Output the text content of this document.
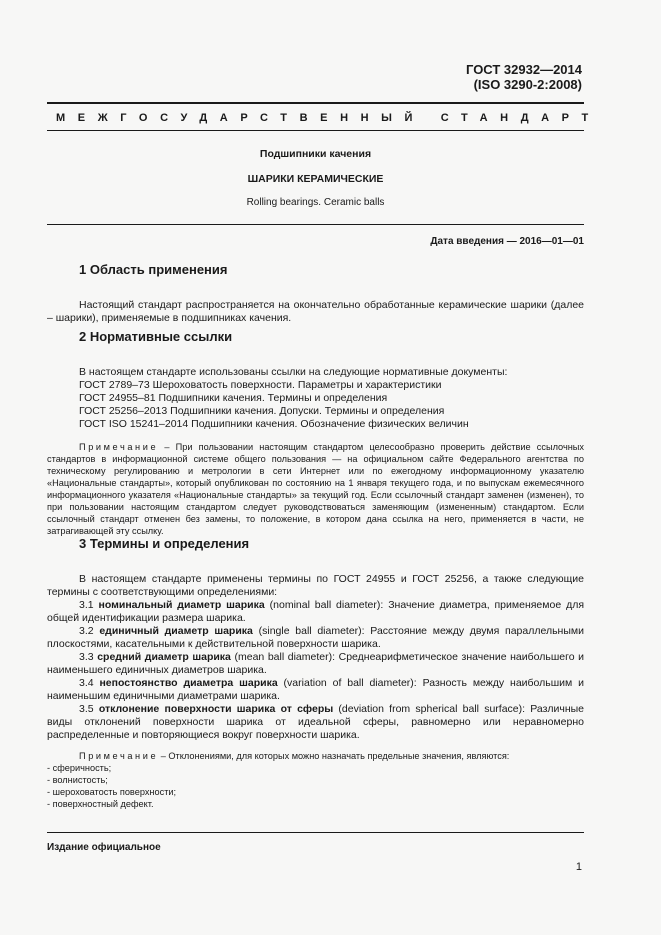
ГОСТ 32932—2014
(ISO 3290-2:2008)
МЕЖГОСУДАРСТВЕННЫЙ СТАНДАРТ
Подшипники качения
ШАРИКИ КЕРАМИЧЕСКИЕ
Rolling bearings. Ceramic balls
Дата введения — 2016—01—01
1 Область применения

Настоящий стандарт распространяется на окончательно обработанные керамические шарики (далее – шарики), применяемые в подшипниках качения.

2 Нормативные ссылки

В настоящем стандарте использованы ссылки на следующие нормативные документы:

ГОСТ 2789–73 Шероховатость поверхности. Параметры и характеристики

ГОСТ 24955–81 Подшипники качения. Термины и определения

ГОСТ 25256–2013 Подшипники качения. Допуски. Термины и определения

ГОСТ ISO 15241–2014 Подшипники качения. Обозначение физических величин

Примечание – При пользовании настоящим стандартом целесообразно проверить действие ссылочных стандартов в информационной системе общего пользования — на официальном сайте Федерального агентства по техническому регулированию и метрологии в сети Интернет или по ежегодному информационному указателю «Национальные стандарты», который опубликован по состоянию на 1 января текущего года, и по выпускам ежемесячного информационного указателя «Национальные стандарты» за текущий год. Если ссылочный стандарт заменен (изменен), то при пользовании настоящим стандартом следует руководствоваться заменяющим (измененным) стандартом. Если ссылочный стандарт отменен без замены, то положение, в котором дана ссылка на него, применяется в части, не затрагивающей эту ссылку.

3 Термины и определения

В настоящем стандарте применены термины по ГОСТ 24955 и ГОСТ 25256, а также следующие термины с соответствующими определениями:

3.1 номинальный диаметр шарика (nominal ball diameter): Значение диаметра, применяемое для общей идентификации размера шарика.

3.2 единичный диаметр шарика (single ball diameter): Расстояние между двумя параллельными плоскостями, касательными к действительной поверхности шарика.

3.3 средний диаметр шарика (mean ball diameter): Среднеарифметическое значение наибольшего и наименьшего единичных диаметров шарика.

3.4 непостоянство диаметра шарика (variation of ball diameter): Разность между наибольшим и наименьшим единичными диаметрами шарика.

3.5 отклонение поверхности шарика от сферы (deviation from spherical ball surface): Различные виды отклонений поверхности шарика от идеальной сферы, равномерно или неравномерно распределенные и повторяющиеся вокруг поверхности шарика.

Примечание – Отклонениями, для которых можно назначать предельные значения, являются:

- сферичность;
- волнистость;
- шероховатость поверхности;
- поверхностный дефект.
Издание официальное
1
